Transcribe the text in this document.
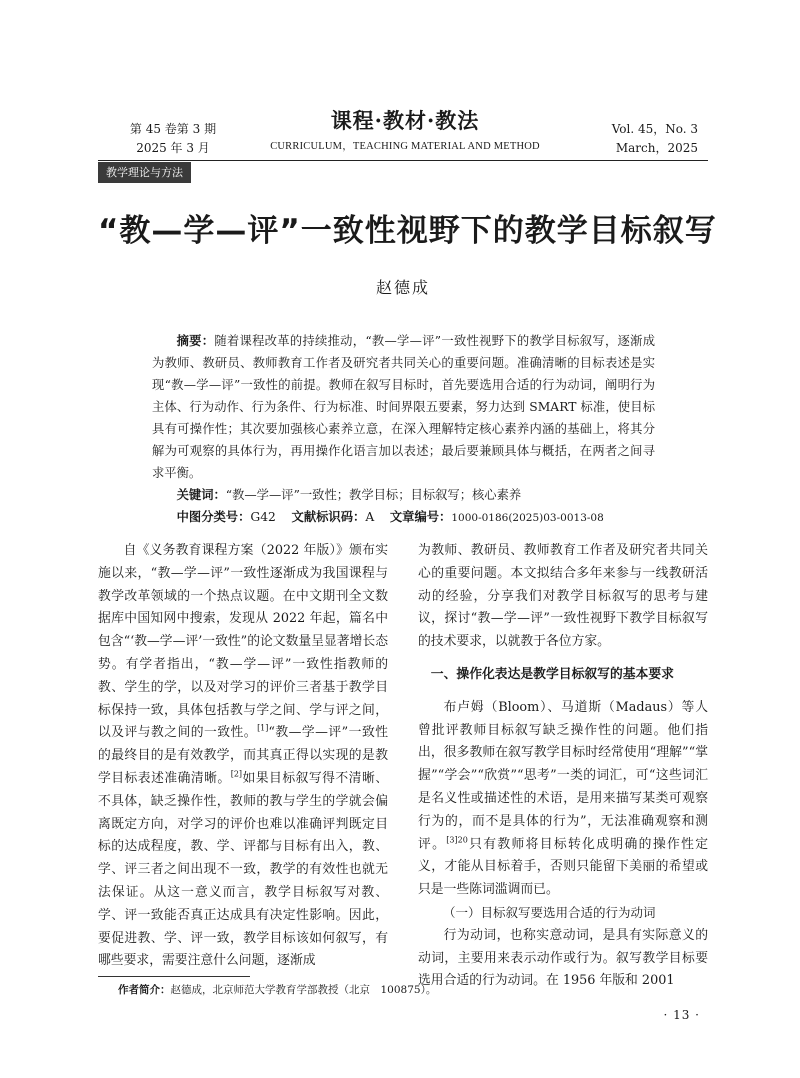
第 45 卷第 3 期
2025 年 3 月
课程·教材·教法
CURRICULUM，TEACHING MATERIAL AND METHOD
Vol. 45，No. 3
March，2025
教学理论与方法
“教—学—评”一致性视野下的教学目标叙写
赵德成

摘要：随着课程改革的持续推动，“教—学—评”一致性视野下的教学目标叙写，逐渐成为教师、教研员、教师教育工作者及研究者共同关心的重要问题。准确清晰的目标表述是实现“教—学—评”一致性的前提。教师在叙写目标时，首先要选用合适的行为动词，阐明行为主体、行为动作、行为条件、行为标准、时间界限五要素，努力达到 SMART 标准，使目标具有可操作性；其次要加强核心素养立意，在深入理解特定核心素养内涵的基础上，将其分解为可观察的具体行为，再用操作化语言加以表述；最后要兼顾具体与概括，在两者之间寻求平衡。

关键词：“教—学—评”一致性；教学目标；目标叙写；核心素养
中图分类号：G42 文献标识码：A 文章编号：1000-0186(2025)03-0013-08

自《义务教育课程方案（2022 年版）》颁布实施以来，“教—学—评”一致性逐渐成为我国课程与教学改革领域的一个热点议题。在中文期刊全文数据库中国知网中搜索，发现从 2022 年起，篇名中包含“‘教—学—评’一致性”的论文数量呈显著增长态势。有学者指出，“教—学—评”一致性指教师的教、学生的学，以及对学习的评价三者基于教学目标保持一致，具体包括教与学之间、学与评之间，以及评与教之间的一致性。[1]“教—学—评”一致性的最终目的是有效教学，而其真正得以实现的是教学目标表述准确清晰。[2]如果目标叙写得不清晰、不具体，缺乏操作性，教师的教与学生的学就会偏离既定方向，对学习的评价也难以准确评判既定目标的达成程度，教、学、评都与目标有出入，教、学、评三者之间出现不一致，教学的有效性也就无法保证。从这一意义而言，教学目标叙写对教、学、评一致能否真正达成具有决定性影响。因此，要促进教、学、评一致，教学目标该如何叙写，有哪些要求，需要注意什么问题，逐渐成

为教师、教研员、教师教育工作者及研究者共同关心的重要问题。本文拟结合多年来参与一线教研活动的经验，分享我们对教学目标叙写的思考与建议，探讨“教—学—评”一致性视野下教学目标叙写的技术要求，以就教于各位方家。

一、操作化表达是教学目标叙写的基本要求

布卢姆（Bloom）、马道斯（Madaus）等人曾批评教师目标叙写缺乏操作性的问题。他们指出，很多教师在叙写教学目标时经常使用“理解”“掌握”“学会”“欣赏”“思考”一类的词汇，可“这些词汇是名义性或描述性的术语，是用来描写某类可观察行为的，而不是具体的行为”，无法准确观察和测评。$^{[3]20}$只有教师将目标转化成明确的操作性定义，才能从目标着手，否则只能留下美丽的希望或只是一些陈词滥调而已。

（一）目标叙写要选用合适的行为动词

行为动词，也称实意动词，是具有实际意义的动词，主要用来表示动作或行为。叙写教学目标要选用合适的行为动词。在 1956 年版和 2001

作者简介：赵德成，北京师范大学教育学部教授（北京　100875）。
· 13 ·
